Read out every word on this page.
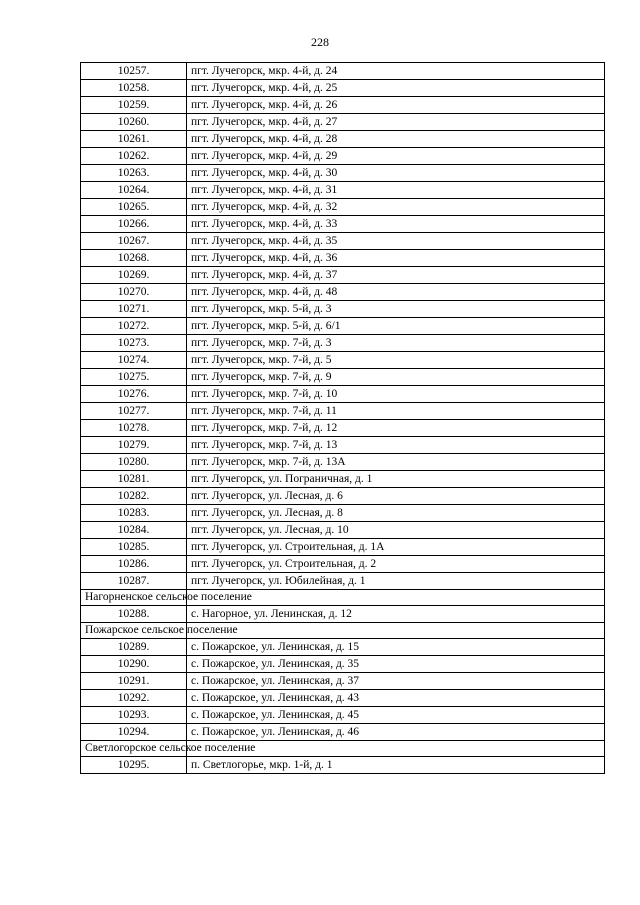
228
10257.	пгт. Лучегорск, мкр. 4-й, д. 24
10258.	пгт. Лучегорск, мкр. 4-й, д. 25
10259.	пгт. Лучегорск, мкр. 4-й, д. 26
10260.	пгт. Лучегорск, мкр. 4-й, д. 27
10261.	пгт. Лучегорск, мкр. 4-й, д. 28
10262.	пгт. Лучегорск, мкр. 4-й, д. 29
10263.	пгт. Лучегорск, мкр. 4-й, д. 30
10264.	пгт. Лучегорск, мкр. 4-й, д. 31
10265.	пгт. Лучегорск, мкр. 4-й, д. 32
10266.	пгт. Лучегорск, мкр. 4-й, д. 33
10267.	пгт. Лучегорск, мкр. 4-й, д. 35
10268.	пгт. Лучегорск, мкр. 4-й, д. 36
10269.	пгт. Лучегорск, мкр. 4-й, д. 37
10270.	пгт. Лучегорск, мкр. 4-й, д. 48
10271.	пгт. Лучегорск, мкр. 5-й, д. 3
10272.	пгт. Лучегорск, мкр. 5-й, д. 6/1
10273.	пгт. Лучегорск, мкр. 7-й, д. 3
10274.	пгт. Лучегорск, мкр. 7-й, д. 5
10275.	пгт. Лучегорск, мкр. 7-й, д. 9
10276.	пгт. Лучегорск, мкр. 7-й, д. 10
10277.	пгт. Лучегорск, мкр. 7-й, д. 11
10278.	пгт. Лучегорск, мкр. 7-й, д. 12
10279.	пгт. Лучегорск, мкр. 7-й, д. 13
10280.	пгт. Лучегорск, мкр. 7-й, д. 13А
10281.	пгт. Лучегорск, ул. Пограничная, д. 1
10282.	пгт. Лучегорск, ул. Лесная, д. 6
10283.	пгт. Лучегорск, ул. Лесная, д. 8
10284.	пгт. Лучегорск, ул. Лесная, д. 10
10285.	пгт. Лучегорск, ул. Строительная, д. 1А
10286.	пгт. Лучегорск, ул. Строительная, д. 2
10287.	пгт. Лучегорск, ул. Юбилейная, д. 1
Нагорненское сельское поселение	
10288.	с. Нагорное, ул. Ленинская, д. 12
Пожарское сельское поселение	
10289.	с. Пожарское, ул. Ленинская, д. 15
10290.	с. Пожарское, ул. Ленинская, д. 35
10291.	с. Пожарское, ул. Ленинская, д. 37
10292.	с. Пожарское, ул. Ленинская, д. 43
10293.	с. Пожарское, ул. Ленинская, д. 45
10294.	с. Пожарское, ул. Ленинская, д. 46
Светлогорское сельское поселение	
10295.	п. Светлогорье, мкр. 1-й, д. 1
